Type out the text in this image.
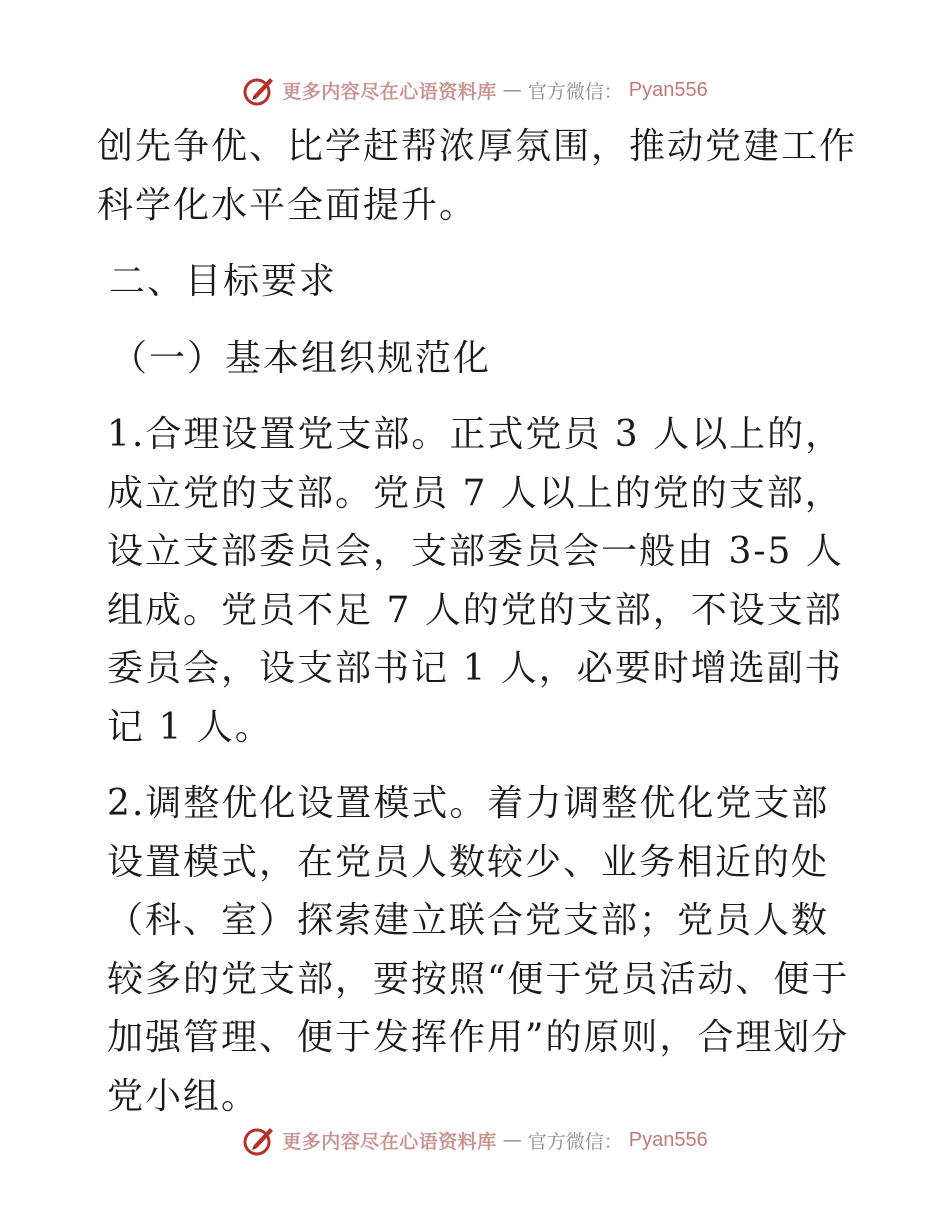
更多内容尽在心语资料库 — 官方微信： Pyan556

创先争优、比学赶帮浓厚氛围，推动党建工作科学化水平全面提升。

二、目标要求

（一）基本组织规范化

1.合理设置党支部。正式党员 3 人以上的，成立党的支部。党员 7 人以上的党的支部，设立支部委员会，支部委员会一般由 3-5 人组成。党员不足 7 人的党的支部，不设支部委员会，设支部书记 1 人，必要时增选副书记 1 人。

2.调整优化设置模式。着力调整优化党支部设置模式，在党员人数较少、业务相近的处（科、室）探索建立联合党支部；党员人数较多的党支部，要按照“便于党员活动、便于加强管理、便于发挥作用”的原则，合理划分党小组。

更多内容尽在心语资料库 — 官方微信： Pyan556
